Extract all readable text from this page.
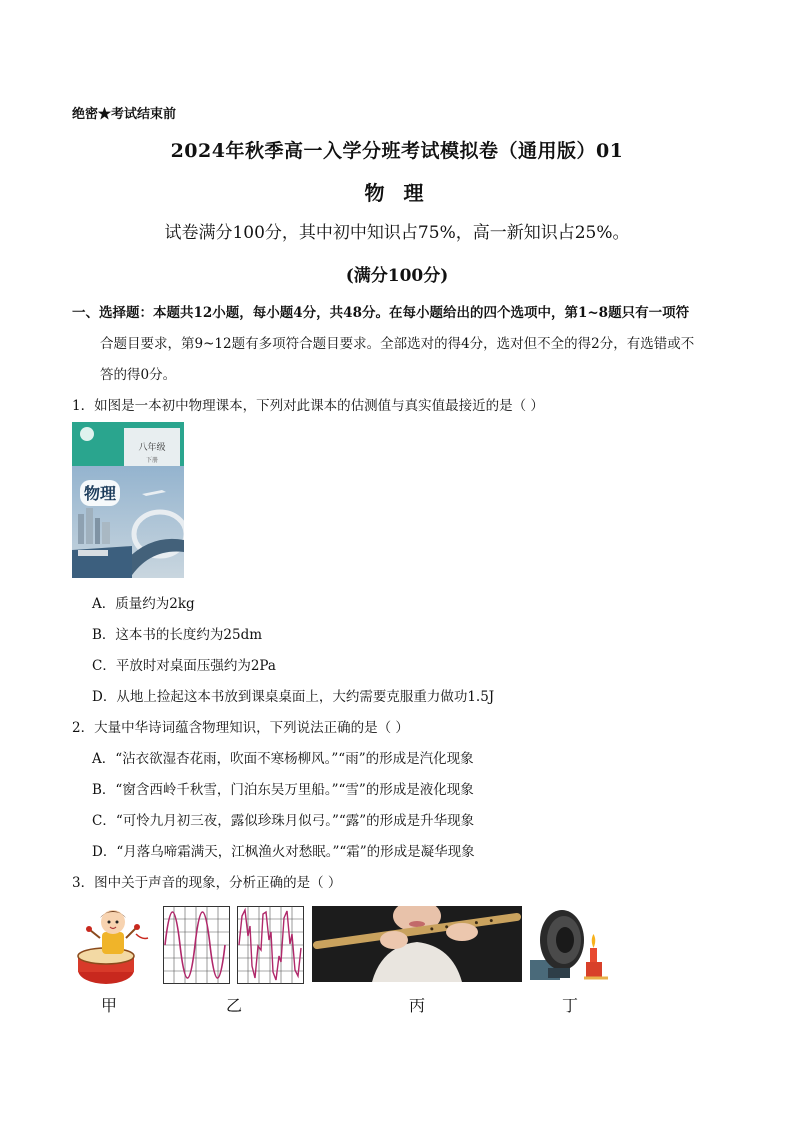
绝密★考试结束前
2024年秋季高一入学分班考试模拟卷（通用版）01
物 理
试卷满分100分，其中初中知识占75%，高一新知识占25%。
(满分100分)
一、选择题：本题共12小题，每小题4分，共48分。在每小题给出的四个选项中，第1~8题只有一项符
合题目要求，第9~12题有多项符合题目要求。全部选对的得4分，选对但不全的得2分，有选错或不
答的得0分。
1．如图是一本初中物理课本，下列对此课本的估测值与真实值最接近的是（ ）
八年级
下册
物理
A．质量约为2kg
B．这本书的长度约为25dm
C．平放时对桌面压强约为2Pa
D．从地上捡起这本书放到课桌桌面上，大约需要克服重力做功1.5J
2．大量中华诗词蕴含物理知识，下列说法正确的是（ ）
A．“沾衣欲湿杏花雨，吹面不寒杨柳风。”“雨”的形成是汽化现象
B．“窗含西岭千秋雪，门泊东吴万里船。”“雪”的形成是液化现象
C．“可怜九月初三夜，露似珍珠月似弓。”“露”的形成是升华现象
D．“月落乌啼霜满天，江枫渔火对愁眠。”“霜”的形成是凝华现象
3．图中关于声音的现象，分析正确的是（ ）
甲	乙	丙	丁
